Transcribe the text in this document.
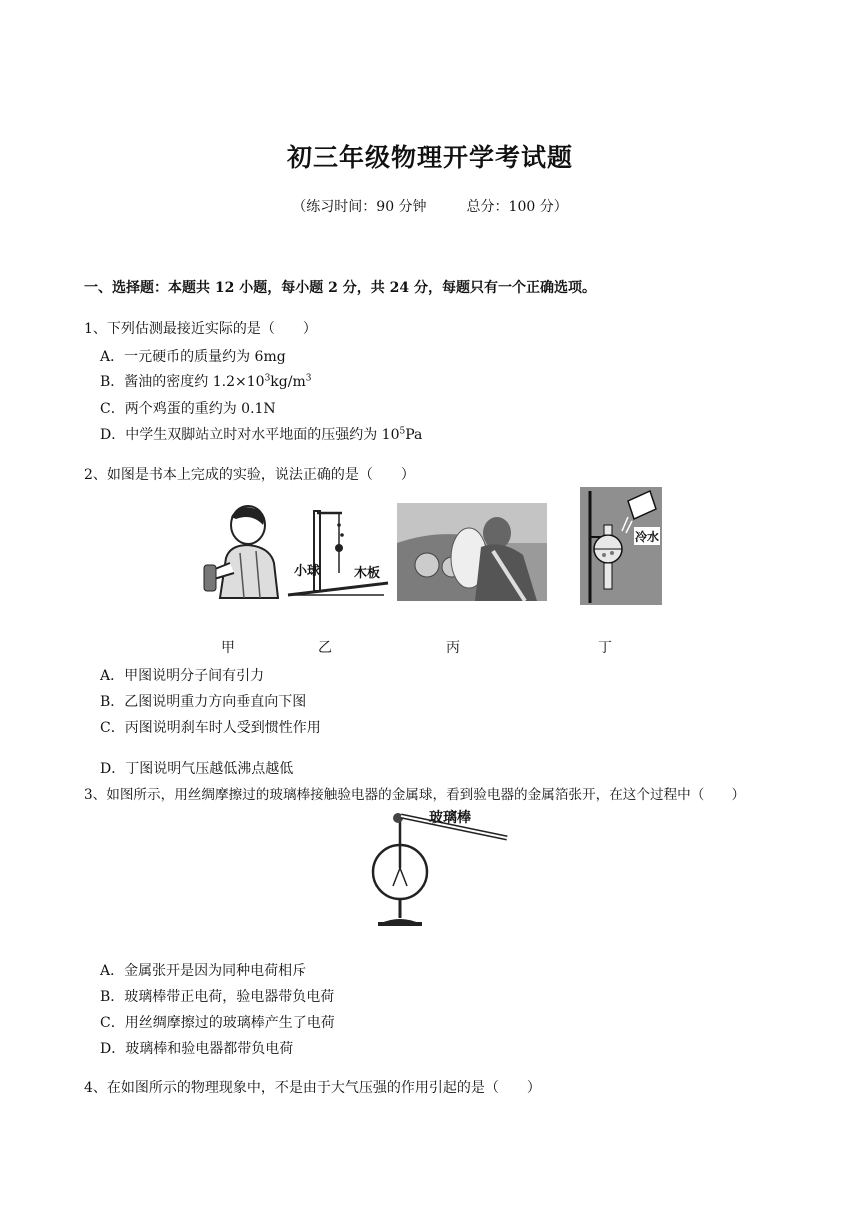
初三年级物理开学考试题
（练习时间：90 分钟	总分：100 分）
一、选择题：本题共 12 小题，每小题 2 分，共 24 分，每题只有一个正确选项。
1、下列估测最接近实际的是（　　）
A．一元硬币的质量约为 6mg
B．酱油的密度约 $1.2\times 10^3kg/m^3$
C．两个鸡蛋的重约为 0.1N
D．中学生双脚站立时对水平地面的压强约为 $10^5Pa$
2、如图是书本上完成的实验，说法正确的是（　　）
小球	木板
冷水
甲	乙	丙	丁
A．甲图说明分子间有引力
B．乙图说明重力方向垂直向下图
C．丙图说明刹车时人受到惯性作用
D．丁图说明气压越低沸点越低
3、如图所示，用丝绸摩擦过的玻璃棒接触验电器的金属球，看到验电器的金属箔张开，在这个过程中（　　）
玻璃棒
A．金属张开是因为同种电荷相斥
B．玻璃棒带正电荷，验电器带负电荷
C．用丝绸摩擦过的玻璃棒产生了电荷
D．玻璃棒和验电器都带负电荷
4、在如图所示的物理现象中，不是由于大气压强的作用引起的是（　　）
